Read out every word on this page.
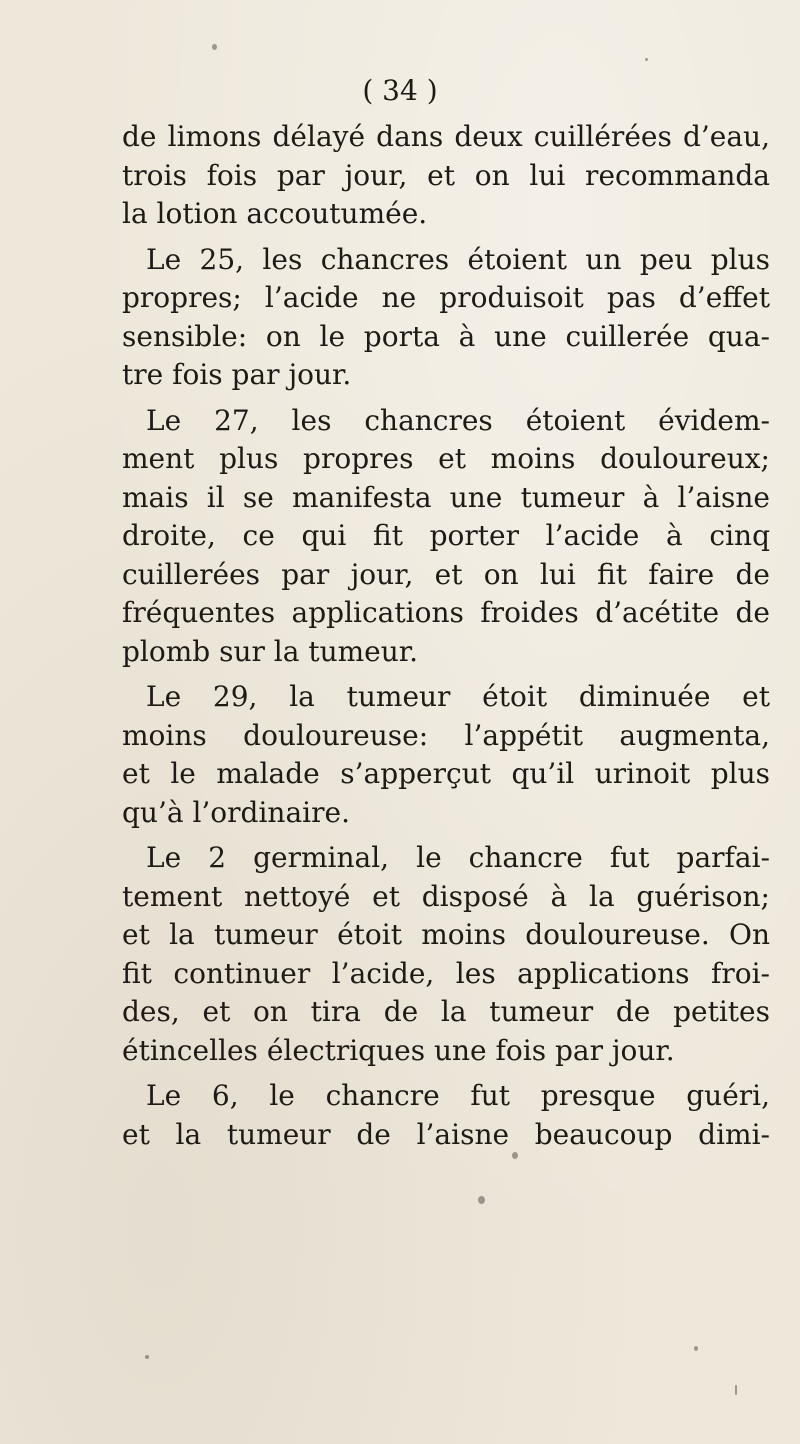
( 34 )
de limons délayé dans deux cuillérées d’eau,
trois fois par jour, et on lui recommanda
la lotion accoutumée.
Le 25, les chancres étoient un peu plus
propres; l’acide ne produisoit pas d’effet
sensible: on le porta à une cuillerée qua-
tre fois par jour.
Le 27, les chancres étoient évidem-
ment plus propres et moins douloureux;
mais il se manifesta une tumeur à l’aisne
droite, ce qui fit porter l’acide à cinq
cuillerées par jour, et on lui fit faire de
fréquentes applications froides d’acétite de
plomb sur la tumeur.
Le 29, la tumeur étoit diminuée et
moins douloureuse: l’appétit augmenta,
et le malade s’apperçut qu’il urinoit plus
qu’à l’ordinaire.
Le 2 germinal, le chancre fut parfai-
tement nettoyé et disposé à la guérison;
et la tumeur étoit moins douloureuse. On
fit continuer l’acide, les applications froi-
des, et on tira de la tumeur de petites
étincelles électriques une fois par jour.
Le 6, le chancre fut presque guéri,
et la tumeur de l’aisne beaucoup dimi-
